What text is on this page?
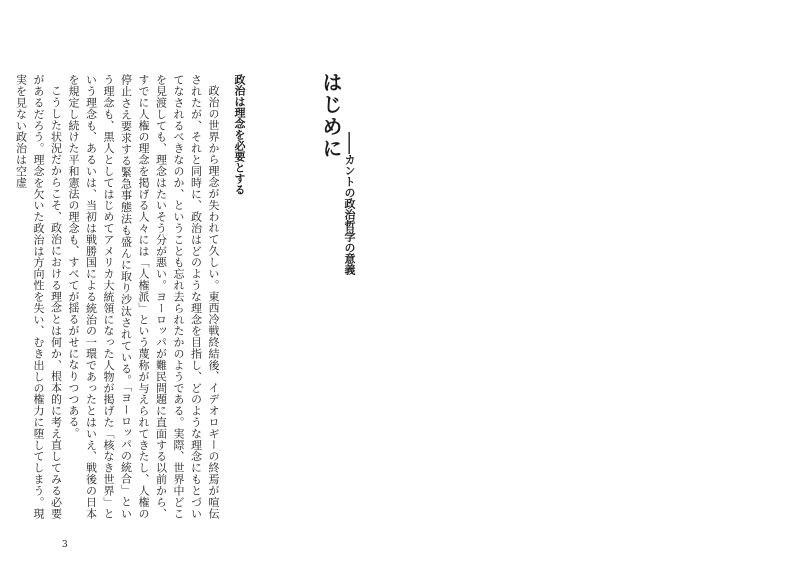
はじめに
――カントの政治哲学の意義
政治は理念を必要とする

政治の世界から理念が失われて久しい。東西冷戦終結後、イデオロギーの終焉が喧伝されたが、それと同時に、政治はどのような理念を目指し、どのような理念にもとづいてなされるべきなのか、ということも忘れ去られたかのようである。実際、世界中どこを見渡しても、理念はたいそう分が悪い。ヨーロッパが難民問題に直面する以前から、すでに人権の理念を掲げる人々には「人権派」という蔑称が与えられてきたし、人権の停止さえ要求する緊急事態法も盛んに取り沙汰されている。「ヨーロッパの統合」という理念も、黒人としてはじめてアメリカ大統領になった人物が掲げた「核なき世界」という理念も、あるいは、当初は戦勝国による統治の一環であったとはいえ、戦後の日本を規定し続けた平和憲法の理念も、すべてが揺るがせになりつつある。

こうした状況だからこそ、政治における理念とは何か、根本的に考え直してみる必要があるだろう。理念を欠いた政治は方向性を失い、むき出しの権力に堕してしまう。現実を見ない政治は空虚

3
